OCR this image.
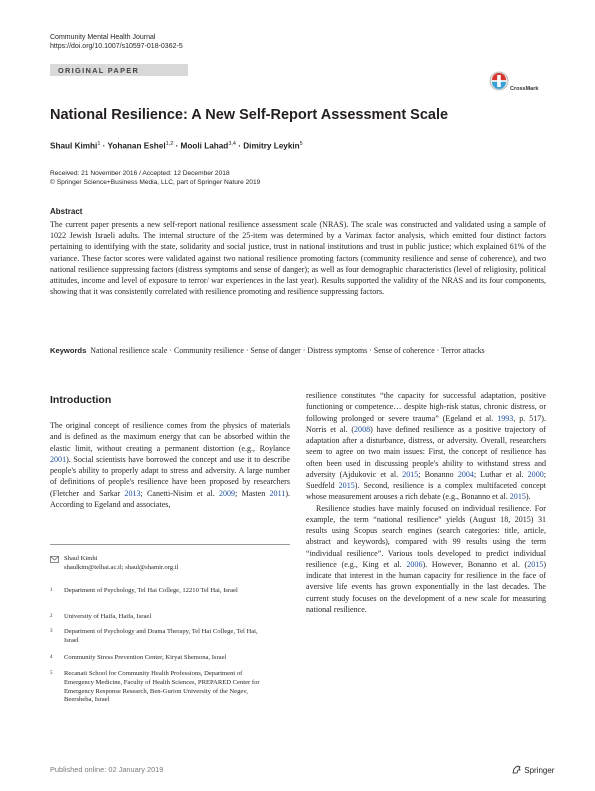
Community Mental Health Journal
https://doi.org/10.1007/s10597-018-0362-5
ORIGINAL PAPER
CrossMark
National Resilience: A New Self-Report Assessment Scale
Shaul Kimhi$^1$ · Yohanan Eshel$^{1,2}$ · Mooli Lahad$^{3,4}$ · Dimitry Leykin$^5$
Received: 21 November 2016 / Accepted: 12 December 2018
© Springer Science+Business Media, LLC, part of Springer Nature 2019
Abstract
The current paper presents a new self-report national resilience assessment scale (NRAS). The scale was constructed and validated using a sample of 1022 Jewish Israeli adults. The internal structure of the 25-item was determined by a Varimax factor analysis, which emitted four distinct factors pertaining to identifying with the state, solidarity and social justice, trust in national institutions and trust in public justice; which explained 61% of the variance. These factor scores were validated against two national resilience promoting factors (community resilience and sense of coherence), and two national resilience suppressing factors (distress symptoms and sense of danger); as well as four demographic characteristics (level of religiosity, political attitudes, income and level of exposure to terror/ war experiences in the last year). Results supported the validity of the NRAS and its four components, showing that it was consistently correlated with resilience promoting and resilience suppressing factors.
Keywords National resilience scale · Community resilience · Sense of danger · Distress symptoms · Sense of coherence · Terror attacks
Introduction

The original concept of resilience comes from the physics of materials and is defined as the maximum energy that can be absorbed within the elastic limit, without creating a permanent distortion (e.g., Roylance 2001). Social scientists have borrowed the concept and use it to describe people's ability to properly adapt to stress and adversity. A large number of definitions of people's resilience have been proposed by researchers (Fletcher and Sarkar 2013; Canetti-Nisim et al. 2009; Masten 2011). According to Egeland and associates,

resilience constitutes “the capacity for successful adaptation, positive functioning or competence… despite high-risk status, chronic distress, or following prolonged or severe trauma” (Egeland et al. 1993, p. 517). Norris et al. (2008) have defined resilience as a positive trajectory of adaptation after a disturbance, distress, or adversity. Overall, researchers seem to agree on two main issues: First, the concept of resilience has often been used in discussing people's ability to withstand stress and adversity (Ajdukovic et al. 2015; Bonanno 2004; Luthar et al. 2000; Suedfeld 2015). Second, resilience is a complex multifaceted concept whose measurement arouses a rich debate (e.g., Bonanno et al. 2015).

Resilience studies have mainly focused on individual resilience. For example, the term “national resilience” yields (August 18, 2015) 31 results using Scopus search engines (search categories: title, article, abstract and keywords), compared with 99 results using the term “individual resilience”. Various tools developed to predict individual resilience (e.g., King et al. 2006). However, Bonanno et al. (2015) indicate that interest in the human capacity for resilience in the face of aversive life events has grown exponentially in the last decades. The current study focuses on the development of a new scale for measuring national resilience.

Shaul Kimhi
shaulkim@telhai.ac.il; shaul@shamir.org.il
1 Department of Psychology, Tel Hai College, 12210 Tel Hai, Israel
2 University of Haifa, Haifa, Israel
3 Department of Psychology and Drama Therapy, Tel Hai College, Tel Hai, Israel
4 Community Stress Prevention Center, Kiryat Shemona, Israel
5 Recanati School for Community Health Professions, Department of Emergency Medicine, Faculty of Health Sciences, PREPARED Center for Emergency Response Research, Ben-Gurion University of the Negev, Beersheba, Israel
Published online: 02 January 2019	Springer
